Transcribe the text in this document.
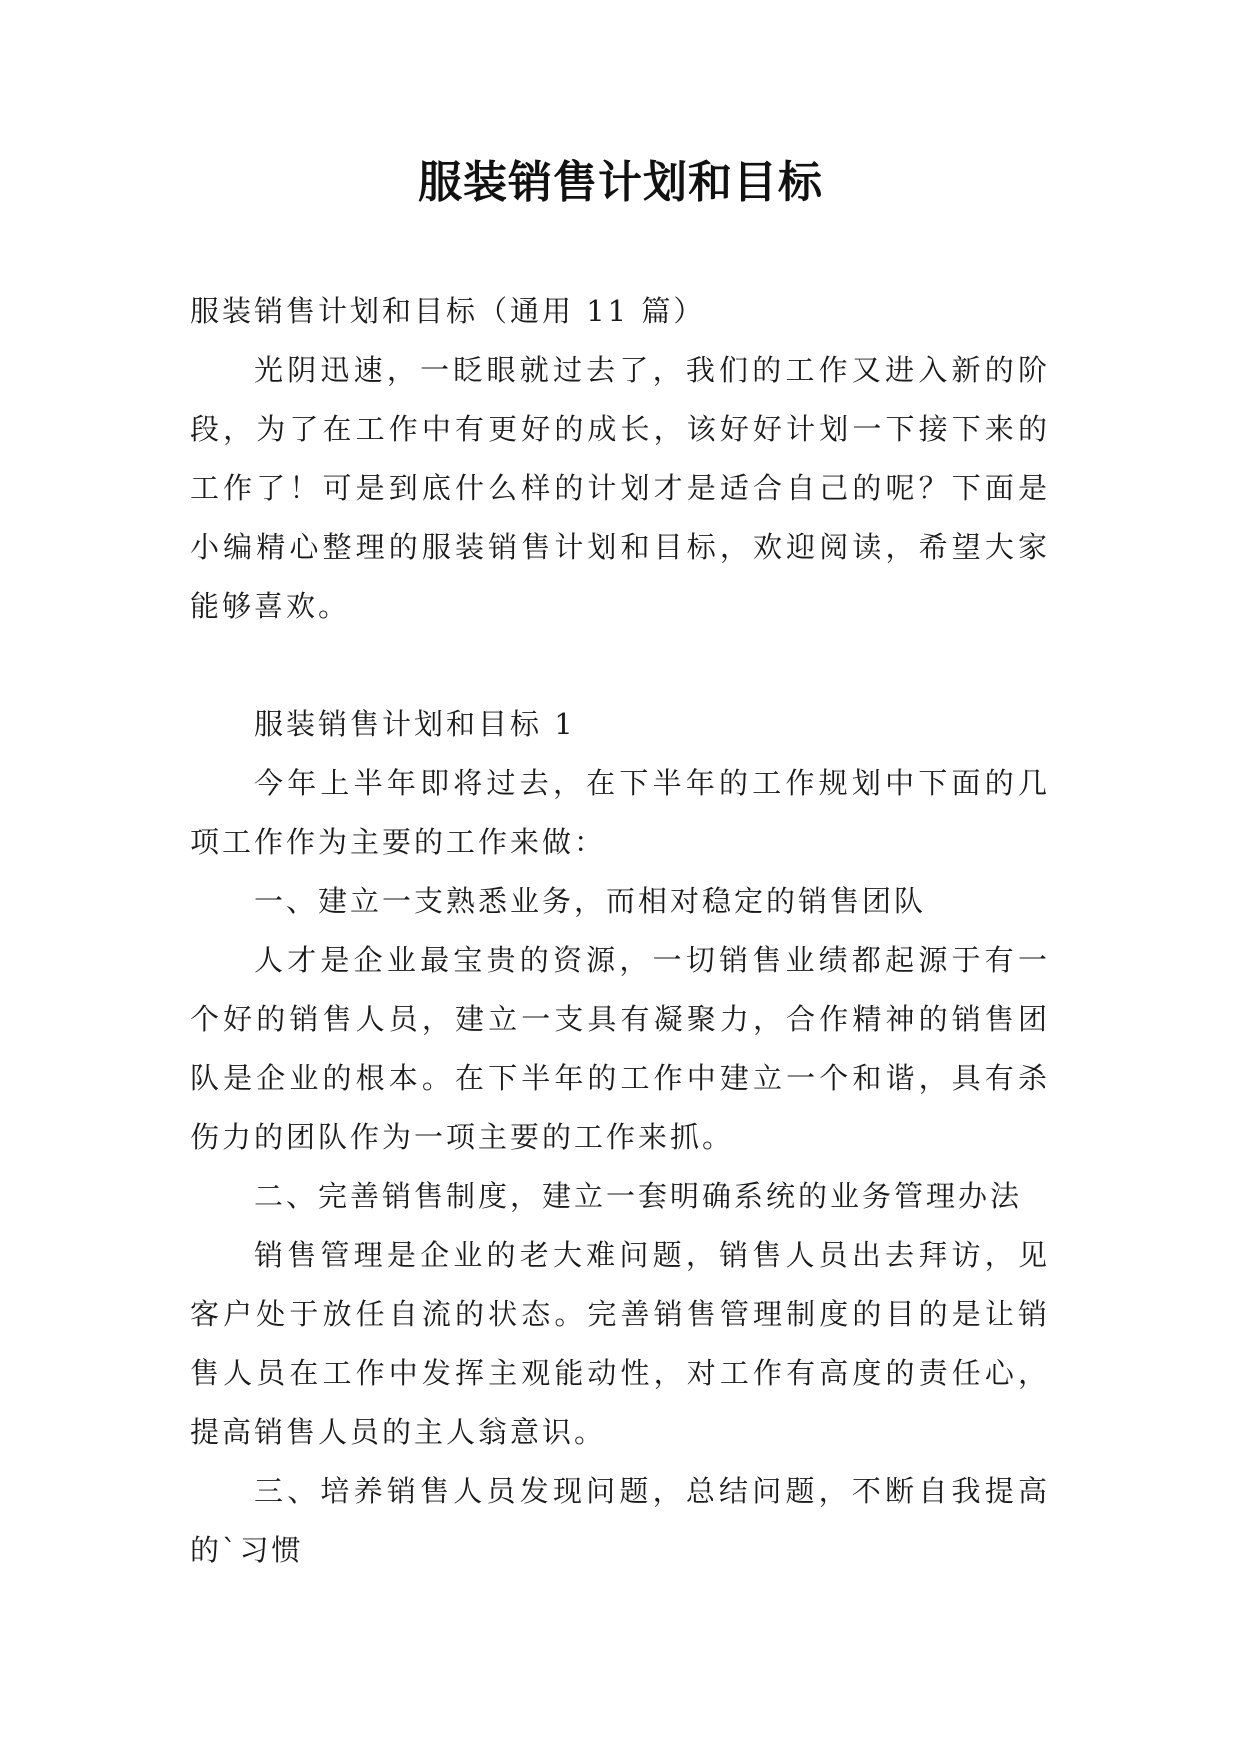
服装销售计划和目标

服装销售计划和目标（通用 11 篇）

光阴迅速，一眨眼就过去了，我们的工作又进入新的阶段，为了在工作中有更好的成长，该好好计划一下接下来的工作了！可是到底什么样的计划才是适合自己的呢？下面是小编精心整理的服装销售计划和目标，欢迎阅读，希望大家能够喜欢。

服装销售计划和目标 1

今年上半年即将过去，在下半年的工作规划中下面的几项工作作为主要的工作来做：

一、建立一支熟悉业务，而相对稳定的销售团队

人才是企业最宝贵的资源，一切销售业绩都起源于有一个好的销售人员，建立一支具有凝聚力，合作精神的销售团队是企业的根本。在下半年的工作中建立一个和谐，具有杀伤力的团队作为一项主要的工作来抓。

二、完善销售制度，建立一套明确系统的业务管理办法

销售管理是企业的老大难问题，销售人员出去拜访，见客户处于放任自流的状态。完善销售管理制度的目的是让销售人员在工作中发挥主观能动性，对工作有高度的责任心，提高销售人员的主人翁意识。

三、培养销售人员发现问题，总结问题，不断自我提高的`习惯
